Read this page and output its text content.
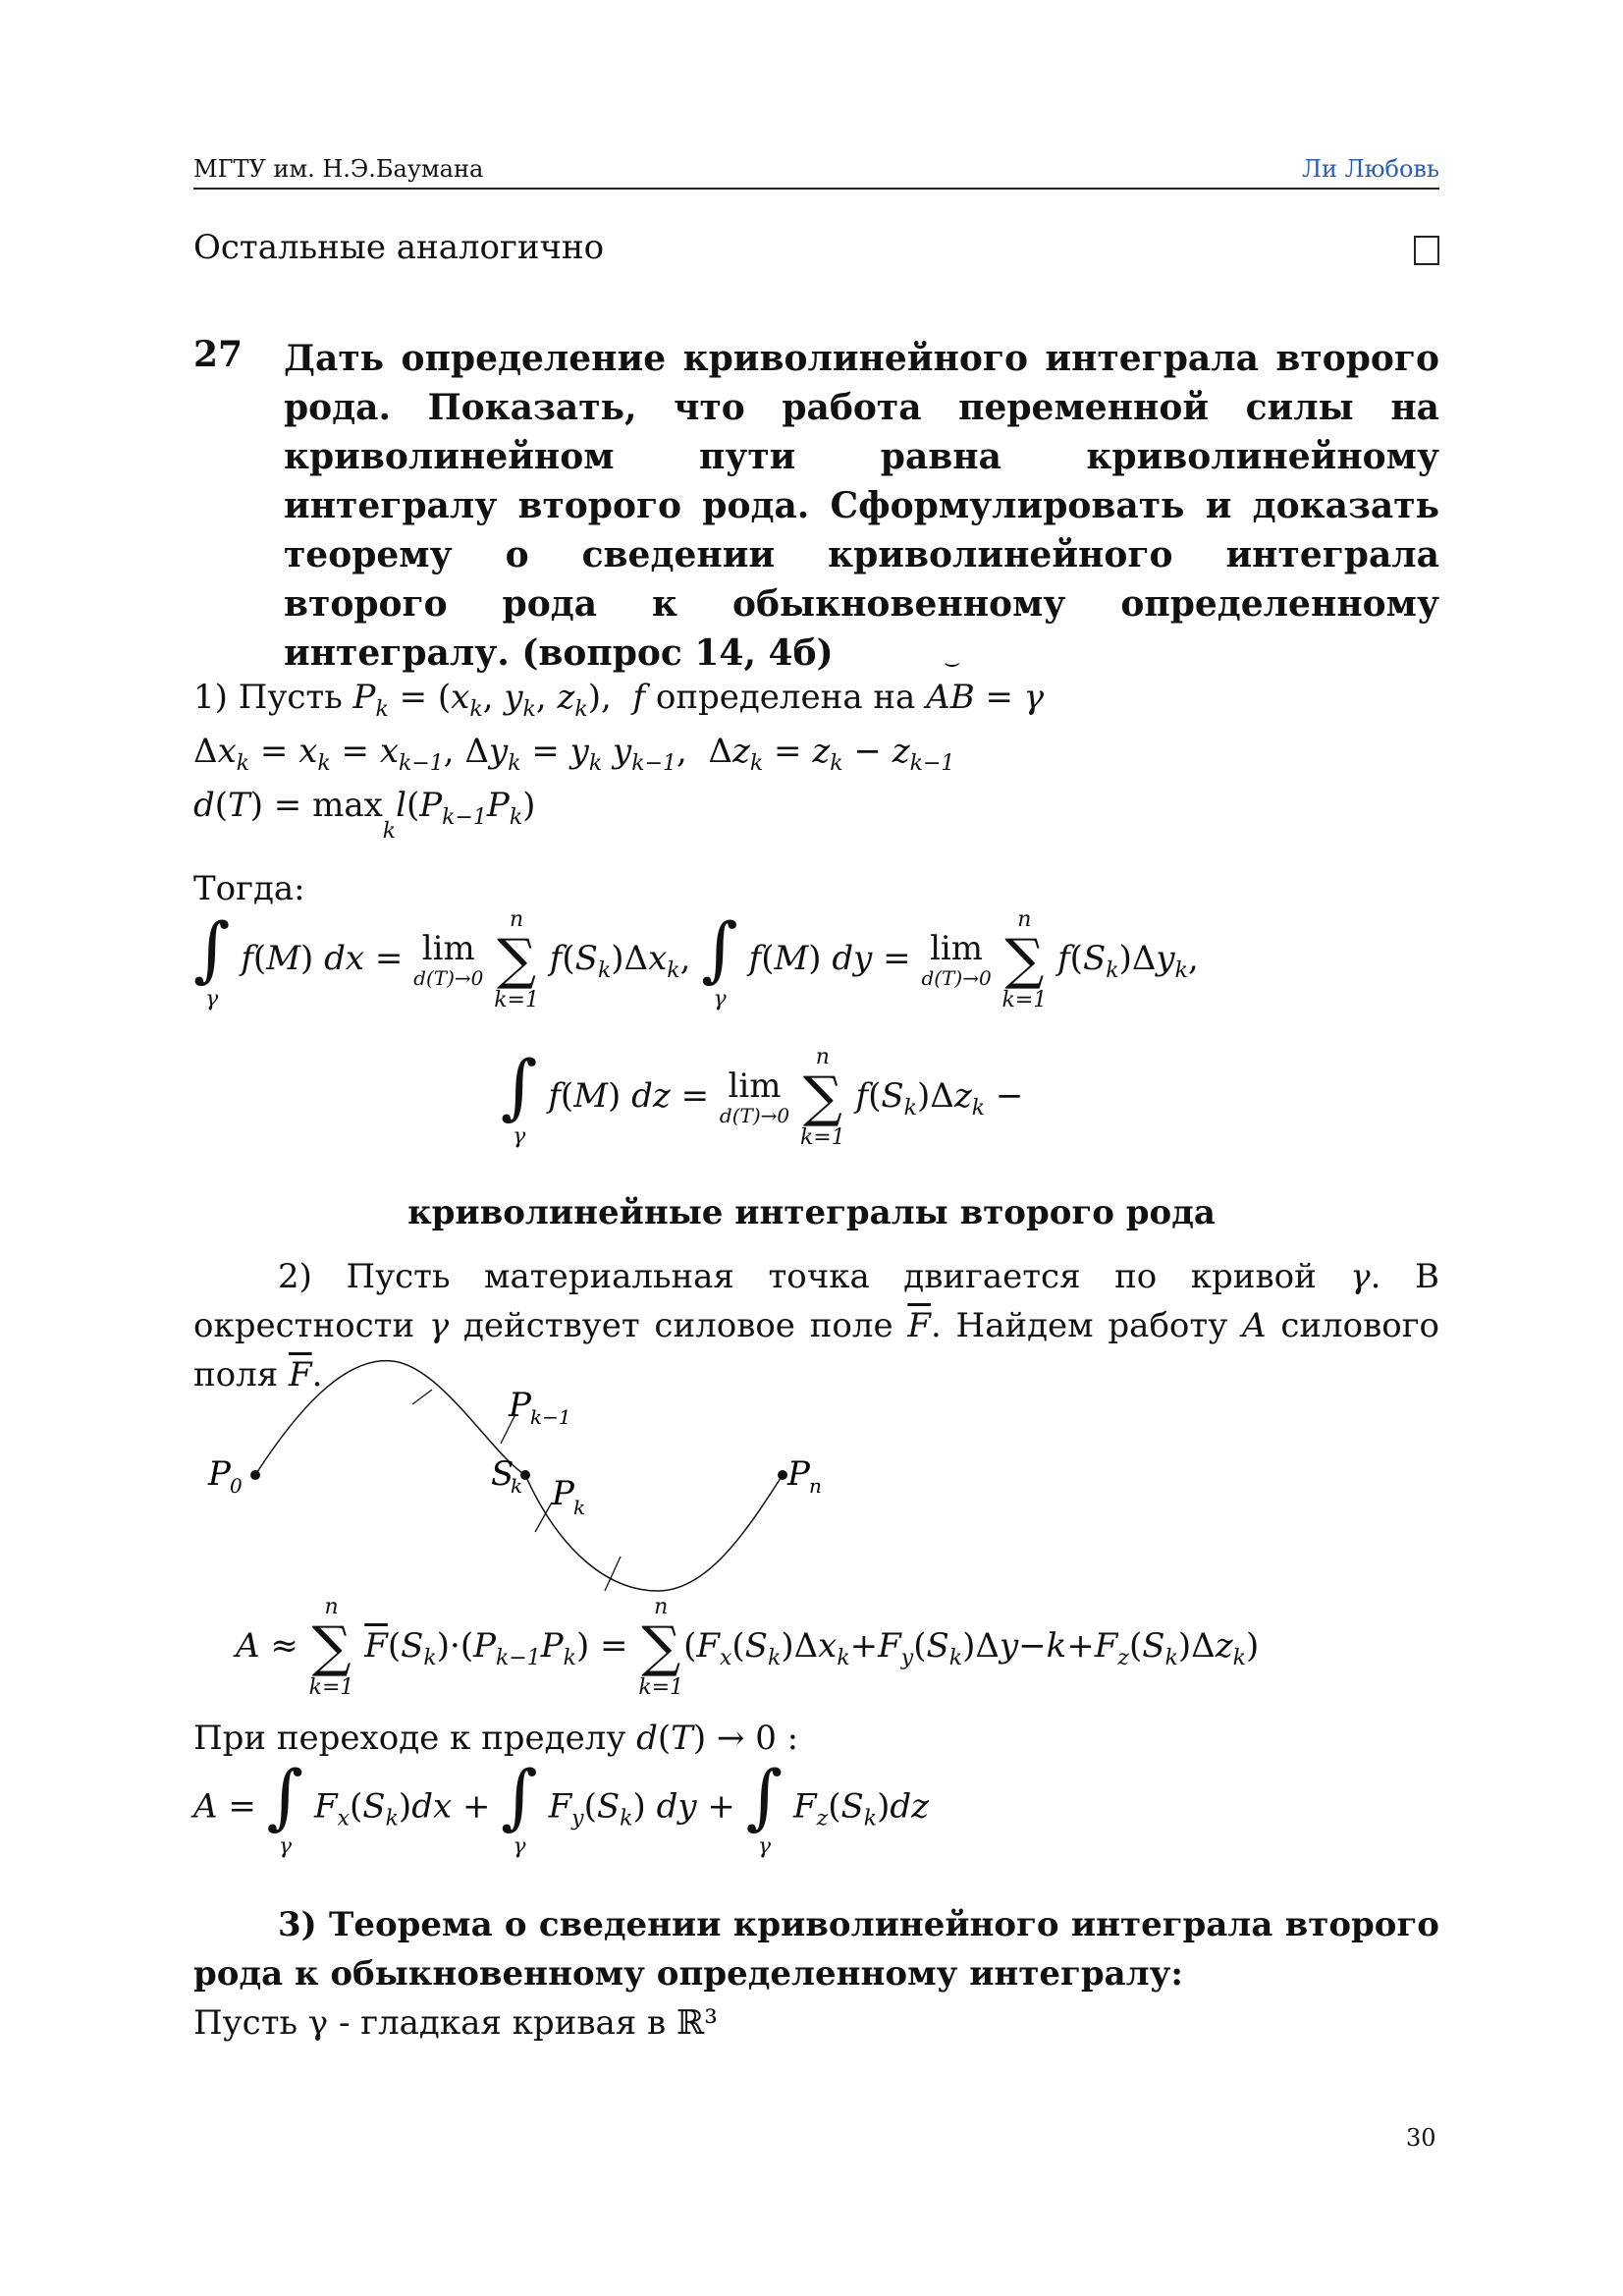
МГТУ им. Н.Э.Баумана	Ли Любовь
Остальные аналогично
27	Дать определение криволинейного интеграла второго рода. Показать, что работа переменной силы на криволинейном пути равна криволинейному интегралу второго рода. Сформулировать и доказать теорему о сведении криволинейного интеграла второго рода к обыкновенному определенному интегралу. (вопрос 14, 4б)
1) Пусть $P_k = (x_k$, $y_k$, $z_k$),  f определена на AB
⌣
= γ
$\Delta x_k = x_k = x_{k-1}$, $\Delta y_k = y_k$ $y_{k-1}$,  $\Delta z_k = z_k - z_{k-1}$
$d(T) = \max_kl(P_{k-1}P_k)$
Тогда:
∫
γ
f(M) dx = lim
d(T)→0

n
∑
k=1
$f(S_k)\Delta x_k$, ∫
γ
f(M) dy = lim
d(T)→0

n
∑
k=1
$f(S_k)\Delta y_k$,
∫
γ
f(M) dz = lim
d(T)→0

n
∑
k=1
$f(S_k)\Delta z_k$ −
криволинейные интегралы второго рода
2) Пусть материальная точка двигается по кривой γ. В окрестности γ действует силовое поле $\overline{F}$. Найдем работу A силового поля $\overline{F}$.
P 0
P k−1
S
k P k
P n
A ≈
n
∑
k=1
$\overline{F}(S_k)\cdot(P_{k-1}P_k)$ =
n
∑
k=1
$(F_x(S_k)\Delta x_k+F_y(S_k)\Delta y-k+F_z(S_k)\Delta z_k)$
При переходе к пределу d(T) → 0 :
A = ∫
γ
$F_x(S_k)dx$ + ∫
γ
$F_y(S_k)$ dy + ∫
γ
$F_z(S_k)dz$
3) Теорема о сведении криволинейного интеграла второго рода к обыкновенному определенному интегралу:
Пусть γ - гладкая кривая в ℝ³
30
